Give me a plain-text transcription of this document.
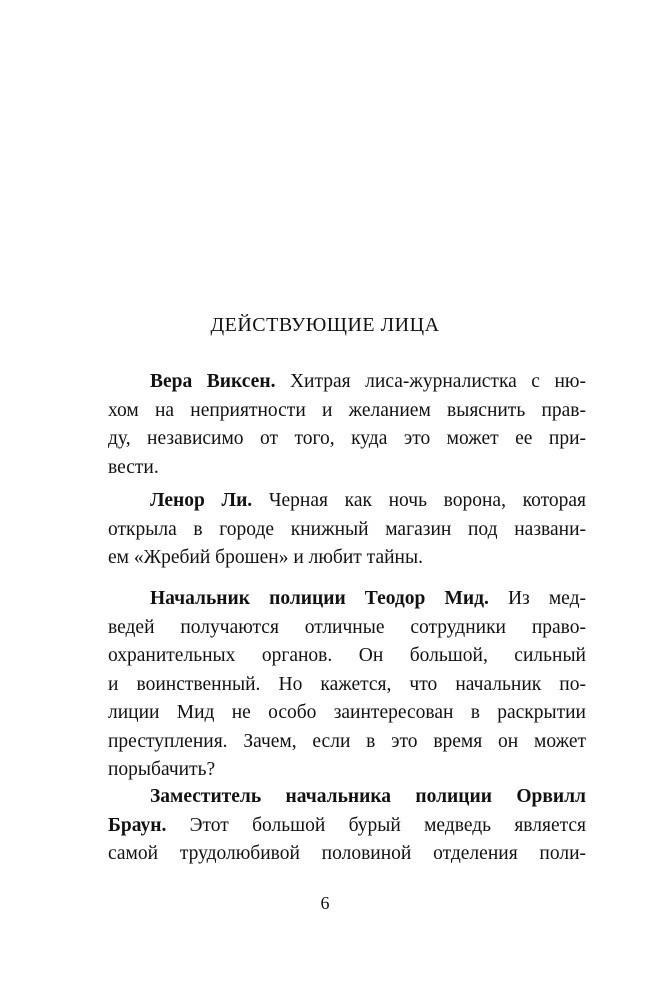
ДЕЙСТВУЮЩИЕ ЛИЦА
Вера Виксен. Хитрая лиса-журналистка с ню-
хом на неприятности и желанием выяснить прав-
ду, независимо от того, куда это может ее при-
вести.
Ленор Ли. Черная как ночь ворона, которая
открыла в городе книжный магазин под названи-
ем «Жребий брошен» и любит тайны.
Начальник полиции Теодор Мид. Из мед-
ведей получаются отличные сотрудники право-
охранительных органов. Он большой, сильный
и воинственный. Но кажется, что начальник по-
лиции Мид не особо заинтересован в раскрытии
преступления. Зачем, если в это время он может
порыбачить?
Заместитель начальника полиции Орвилл
Браун. Этот большой бурый медведь является
самой трудолюбивой половиной отделения поли-
6
